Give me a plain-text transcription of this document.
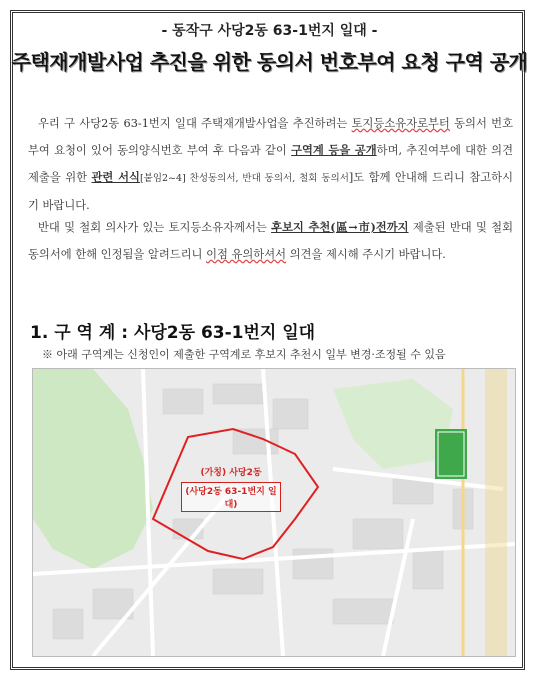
- 동작구 사당2동 63-1번지 일대 -
주택재개발사업 추진을 위한 동의서 번호부여 요청 구역 공개
우리 구 사당2동 63-1번지 일대 주택재개발사업을 추진하려는 토지등소유자로부터 동의서 번호부여 요청이 있어 동의양식번호 부여 후 다음과 같이 구역계 등을 공개하며, 추진여부에 대한 의견 제출을 위한 관련 서식[붙임2~4] 찬성동의서, 반대 동의서, 철회 동의서]도 함께 안내해 드리니 참고하시기 바랍니다.
반대 및 철회 의사가 있는 토지등소유자께서는 후보지 추천(區→市)전까지 제출된 반대 및 철회 동의서에 한해 인정됨을 알려드리니 이점 유의하셔서 의견을 제시해 주시기 바랍니다.
1. 구 역 계 : 사당2동 63-1번지 일대
※ 아래 구역계는 신청인이 제출한 구역계로 후보지 추천시 일부 변경·조정될 수 있음
(가칭) 사당2동
(사당2동 63-1번지 일대)
